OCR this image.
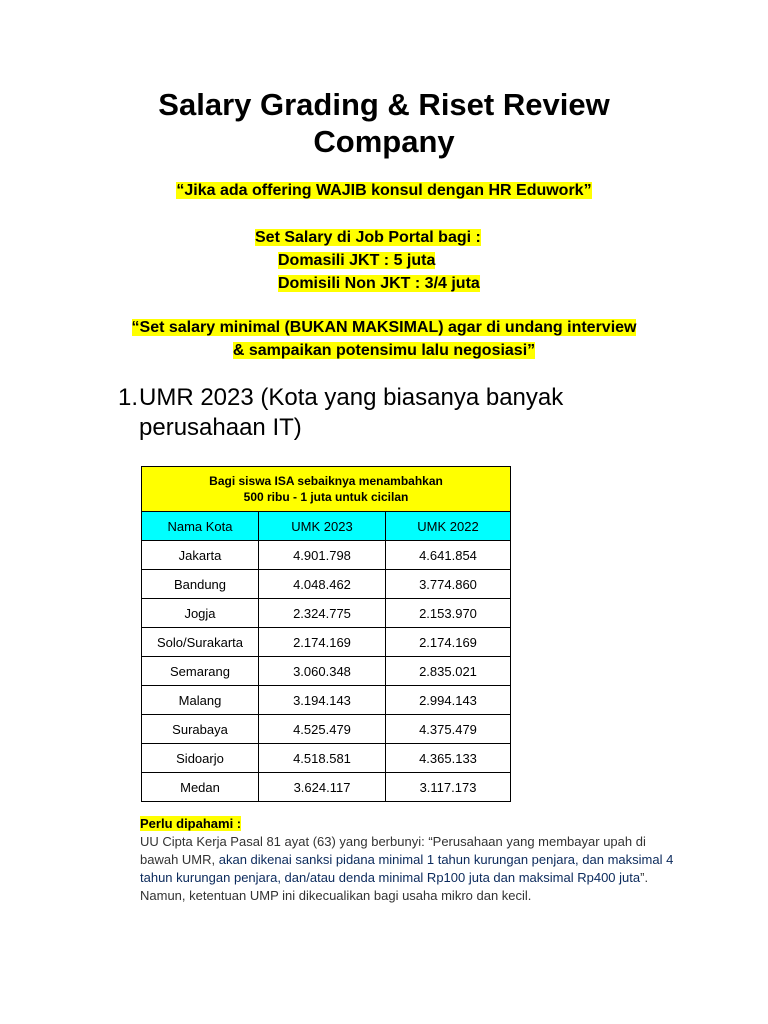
Salary Grading & Riset Review
Company
“Jika ada offering WAJIB konsul dengan HR Eduwork”
Set Salary di Job Portal bagi :
Domasili JKT : 5 juta
Domisili Non JKT : 3/4 juta
“Set salary minimal (BUKAN MAKSIMAL) agar di undang interview
& sampaikan potensimu lalu negosiasi”
1. UMR 2023 (Kota yang biasanya banyak perusahaan IT)
Bagi siswa ISA sebaiknya menambahkan
500 ribu - 1 juta untuk cicilan		

Nama Kota	UMK 2023	UMK 2022
Jakarta	4.901.798	4.641.854
Bandung	4.048.462	3.774.860
Jogja	2.324.775	2.153.970
Solo/Surakarta	2.174.169	2.174.169
Semarang	3.060.348	2.835.021
Malang	3.194.143	2.994.143
Surabaya	4.525.479	4.375.479
Sidoarjo	4.518.581	4.365.133
Medan	3.624.117	3.117.173
Perlu dipahami :
UU Cipta Kerja Pasal 81 ayat (63) yang berbunyi: “Perusahaan yang membayar upah di bawah UMR, akan dikenai sanksi pidana minimal 1 tahun kurungan penjara, dan maksimal 4 tahun kurungan penjara, dan/atau denda minimal Rp100 juta dan maksimal Rp400 juta”. Namun, ketentuan UMP ini dikecualikan bagi usaha mikro dan kecil.
